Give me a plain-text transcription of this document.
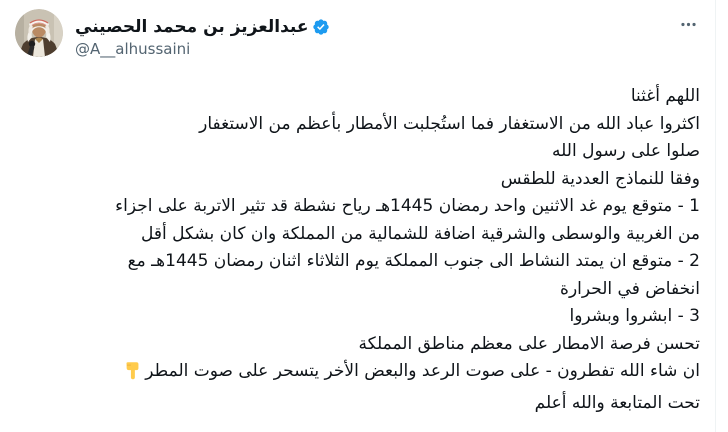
عبدالعزيز بن محمد الحصيني
@A__alhussaini
اللهم أغثنا
اكثروا عباد الله من الاستغفار فما استُجلبت الأمطار بأعظم من الاستغفار
صلوا على رسول الله
وفقا للنماذج العددية للطقس
1 - متوقع يوم غد الاثنين واحد رمضان 1445هـ رياح نشطة قد تثير الاتربة على اجزاء
من الغربية والوسطى والشرقية اضافة للشمالية من المملكة وان كان بشكل أقل
2 - متوقع ان يمتد النشاط الى جنوب المملكة يوم الثلاثاء اثنان رمضان 1445هـ مع
انخفاض في الحرارة
3 - ابشروا وبشروا
تحسن فرصة الامطار على معظم مناطق المملكة
ان شاء الله تفطرون - على صوت الرعد والبعض الأخر يتسحر على صوت المطر
تحت المتابعة والله أعلم
